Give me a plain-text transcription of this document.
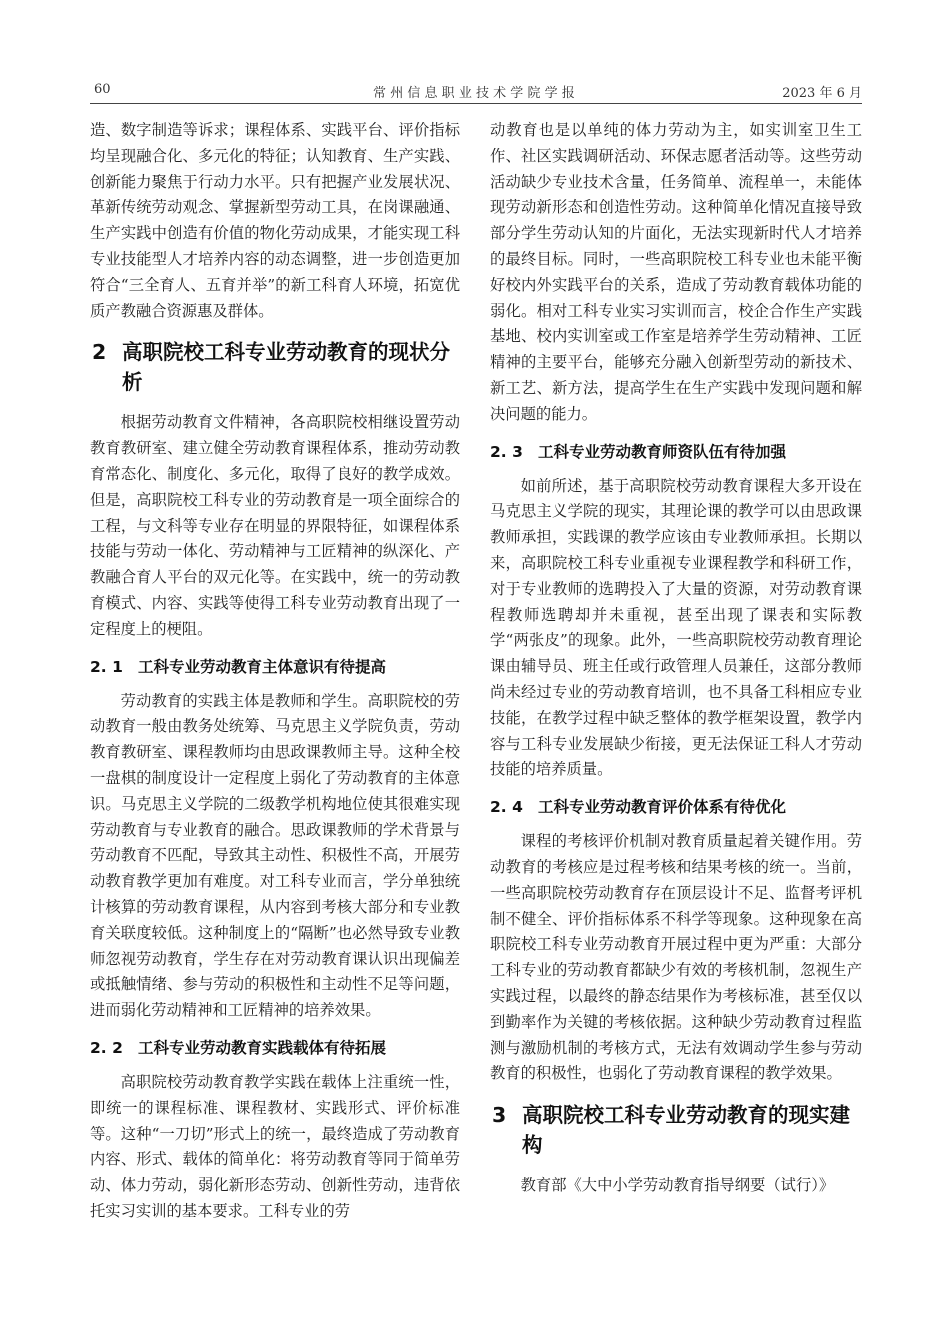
60	常州信息职业技术学院学报	2023 年 6 月

造、数字制造等诉求；课程体系、实践平台、评价指标均呈现融合化、多元化的特征；认知教育、生产实践、创新能力聚焦于行动力水平。只有把握产业发展状况、革新传统劳动观念、掌握新型劳动工具，在岗课融通、生产实践中创造有价值的物化劳动成果，才能实现工科专业技能型人才培养内容的动态调整，进一步创造更加符合“三全育人、五育并举”的新工科育人环境，拓宽优质产教融合资源惠及群体。

2 高职院校工科专业劳动教育的现状分析

根据劳动教育文件精神，各高职院校相继设置劳动教育教研室、建立健全劳动教育课程体系，推动劳动教育常态化、制度化、多元化，取得了良好的教学成效。但是，高职院校工科专业的劳动教育是一项全面综合的工程，与文科等专业存在明显的界限特征，如课程体系技能与劳动一体化、劳动精神与工匠精神的纵深化、产教融合育人平台的双元化等。在实践中，统一的劳动教育模式、内容、实践等使得工科专业劳动教育出现了一定程度上的梗阻。

2. 1 工科专业劳动教育主体意识有待提高

劳动教育的实践主体是教师和学生。高职院校的劳动教育一般由教务处统筹、马克思主义学院负责，劳动教育教研室、课程教师均由思政课教师主导。这种全校一盘棋的制度设计一定程度上弱化了劳动教育的主体意识。马克思主义学院的二级教学机构地位使其很难实现劳动教育与专业教育的融合。思政课教师的学术背景与劳动教育不匹配，导致其主动性、积极性不高，开展劳动教育教学更加有难度。对工科专业而言，学分单独统计核算的劳动教育课程，从内容到考核大部分和专业教育关联度较低。这种制度上的“隔断”也必然导致专业教师忽视劳动教育，学生存在对劳动教育课认识出现偏差或抵触情绪、参与劳动的积极性和主动性不足等问题，进而弱化劳动精神和工匠精神的培养效果。

2. 2 工科专业劳动教育实践载体有待拓展

高职院校劳动教育教学实践在载体上注重统一性，即统一的课程标准、课程教材、实践形式、评价标准等。这种“一刀切”形式上的统一，最终造成了劳动教育内容、形式、载体的简单化：将劳动教育等同于简单劳动、体力劳动，弱化新形态劳动、创新性劳动，违背依托实习实训的基本要求。工科专业的劳

动教育也是以单纯的体力劳动为主，如实训室卫生工作、社区实践调研活动、环保志愿者活动等。这些劳动活动缺少专业技术含量，任务简单、流程单一，未能体现劳动新形态和创造性劳动。这种简单化情况直接导致部分学生劳动认知的片面化，无法实现新时代人才培养的最终目标。同时，一些高职院校工科专业也未能平衡好校内外实践平台的关系，造成了劳动教育载体功能的弱化。相对工科专业实习实训而言，校企合作生产实践基地、校内实训室或工作室是培养学生劳动精神、工匠精神的主要平台，能够充分融入创新型劳动的新技术、新工艺、新方法，提高学生在生产实践中发现问题和解决问题的能力。

2. 3 工科专业劳动教育师资队伍有待加强

如前所述，基于高职院校劳动教育课程大多开设在马克思主义学院的现实，其理论课的教学可以由思政课教师承担，实践课的教学应该由专业教师承担。长期以来，高职院校工科专业重视专业课程教学和科研工作，对于专业教师的选聘投入了大量的资源，对劳动教育课程教师选聘却并未重视，甚至出现了课表和实际教学“两张皮”的现象。此外，一些高职院校劳动教育理论课由辅导员、班主任或行政管理人员兼任，这部分教师尚未经过专业的劳动教育培训，也不具备工科相应专业技能，在教学过程中缺乏整体的教学框架设置，教学内容与工科专业发展缺少衔接，更无法保证工科人才劳动技能的培养质量。

2. 4 工科专业劳动教育评价体系有待优化

课程的考核评价机制对教育质量起着关键作用。劳动教育的考核应是过程考核和结果考核的统一。当前，一些高职院校劳动教育存在顶层设计不足、监督考评机制不健全、评价指标体系不科学等现象。这种现象在高职院校工科专业劳动教育开展过程中更为严重：大部分工科专业的劳动教育都缺少有效的考核机制，忽视生产实践过程，以最终的静态结果作为考核标准，甚至仅以到勤率作为关键的考核依据。这种缺少劳动教育过程监测与激励机制的考核方式，无法有效调动学生参与劳动教育的积极性，也弱化了劳动教育课程的教学效果。

3 高职院校工科专业劳动教育的现实建构

教育部《大中小学劳动教育指导纲要（试行）》
